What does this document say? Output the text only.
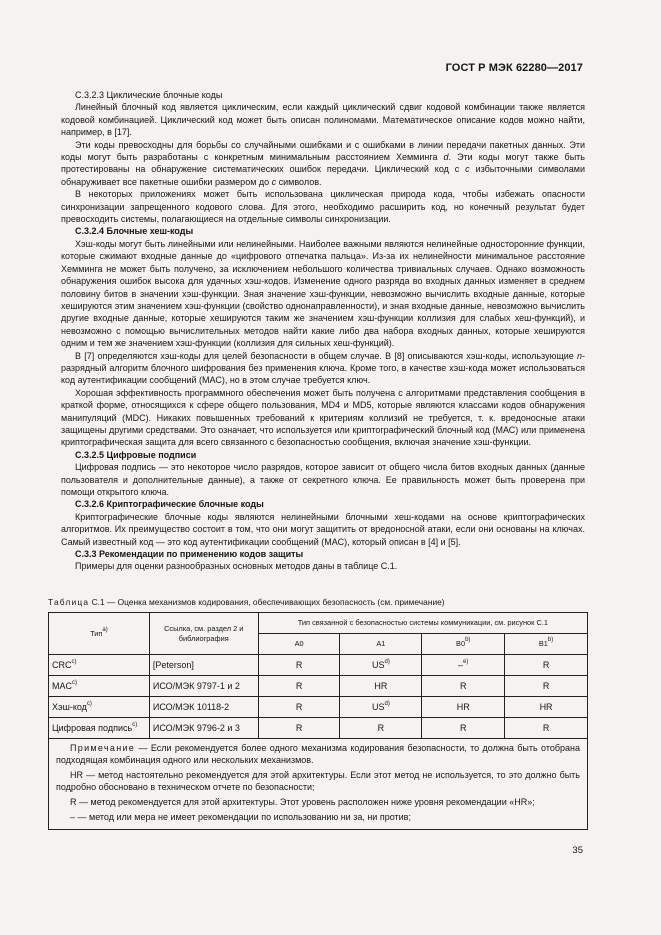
ГОСТ Р МЭК 62280—2017

С.3.2.3 Циклические блочные коды

Линейный блочный код является циклическим, если каждый циклический сдвиг кодовой комбинации также является кодовой комбинацией. Циклический код может быть описан полиномами. Математическое описание кодов можно найти, например, в [17].

Эти коды превосходны для борьбы со случайными ошибками и с ошибками в линии передачи пакетных данных. Эти коды могут быть разработаны с конкретным минимальным расстоянием Хемминга d. Эти коды могут также быть протестированы на обнаружение систематических ошибок передачи. Циклический код с c избыточными символами обнаруживает все пакетные ошибки размером до c символов.

В некоторых приложениях может быть использована циклическая природа кода, чтобы избежать опасности синхронизации запрещенного кодового слова. Для этого, необходимо расширить код, но конечный результат будет превосходить системы, полагающиеся на отдельные символы синхронизации.

С.3.2.4 Блочные хеш-коды

Хэш-коды могут быть линейными или нелинейными. Наиболее важными являются нелинейные односторонние функции, которые сжимают входные данные до «цифрового отпечатка пальца». Из-за их нелинейности минимальное расстояние Хемминга не может быть получено, за исключением небольшого количества тривиальных случаев. Однако возможность обнаружения ошибок высока для удачных хэш-кодов. Изменение одного разряда во входных данных изменяет в среднем половину битов в значении хэш-функции. Зная значение хэш-функции, невозможно вычислить входные данные, которые хешируются этим значением хэш-функции (свойство однонаправленности), и зная входные данные, невозможно вычислить другие входные данные, которые хешируются таким же значением хэш-функции коллизия для слабых хеш-функций), и невозможно с помощью вычислительных методов найти какие либо два набора входных данных, которые хешируются одним и тем же значением хэш-функции (коллизия для сильных хеш-функций).

В [7] определяются хэш-коды для целей безопасности в общем случае. В [8] описываются хэш-коды, использующие n-разрядный алгоритм блочного шифрования без применения ключа. Кроме того, в качестве хэш-кода может использоваться код аутентификации сообщений (МАС), но в этом случае требуется ключ.

Хорошая эффективность программного обеспечения может быть получена с алгоритмами представления сообщения в краткой форме, относящихся к сфере общего пользования, MD4 и MD5, которые являются классами кодов обнаружения манипуляций (MDC). Никаких повышенных требований к критериям коллизий не требуется, т. к. вредоносные атаки защищены другими средствами. Это означает, что используется или криптографический блочный код (МАС) или применена криптографическая защита для всего связанного с безопасностью сообщения, включая значение хэш-функции.

С.3.2.5 Цифровые подписи

Цифровая подпись — это некоторое число разрядов, которое зависит от общего числа битов входных данных (данные пользователя и дополнительные данные), а также от секретного ключа. Ее правильность может быть проверена при помощи открытого ключа.

С.3.2.6 Криптографические блочные коды

Криптографические блочные коды являются нелинейными блочными хеш-кодами на основе криптографических алгоритмов. Их преимущество состоит в том, что они могут защитить от вредоносной атаки, если они основаны на ключах. Самый известный код — это код аутентификации сообщений (МАС), который описан в [4] и [5].

С.3.3 Рекомендации по применению кодов защиты

Примеры для оценки разнообразных основных методов даны в таблице С.1.

Таблица С.1 — Оценка механизмов кодирования, обеспечивающих безопасность (см. примечание)
Тип$^{a)}$	Ссылка, см. раздел 2 и библиография	Тип связанной с безопасностью системы коммуникации, см. рисунок С.1			
		А0	А1	В0$^{b)}$	В1$^{b)}$
CRC$^{c)}$	[Peterson]	R	US$^{d)}$	–$^{e)}$	R
MAC$^{c)}$	ИСО/МЭК 9797-1 и 2	R	HR	R	R
Хэш-код$^{c)}$	ИСО/МЭК 10118-2	R	US$^{d)}$	HR	HR
Цифровая подпись$^{c)}$	ИСО/МЭК 9796-2 и 3	R	R	R	R

Примечание — Если рекомендуется более одного механизма кодирования безопасности, то должна быть отобрана подходящая комбинация одного или нескольких механизмов.

HR — метод настоятельно рекомендуется для этой архитектуры. Если этот метод не используется, то это должно быть подробно обосновано в техническом отчете по безопасности;

R — метод рекомендуется для этой архитектуры. Этот уровень расположен ниже уровня рекомендации «HR»;

– — метод или мера не имеет рекомендации по использованию ни за, ни против;					

35
